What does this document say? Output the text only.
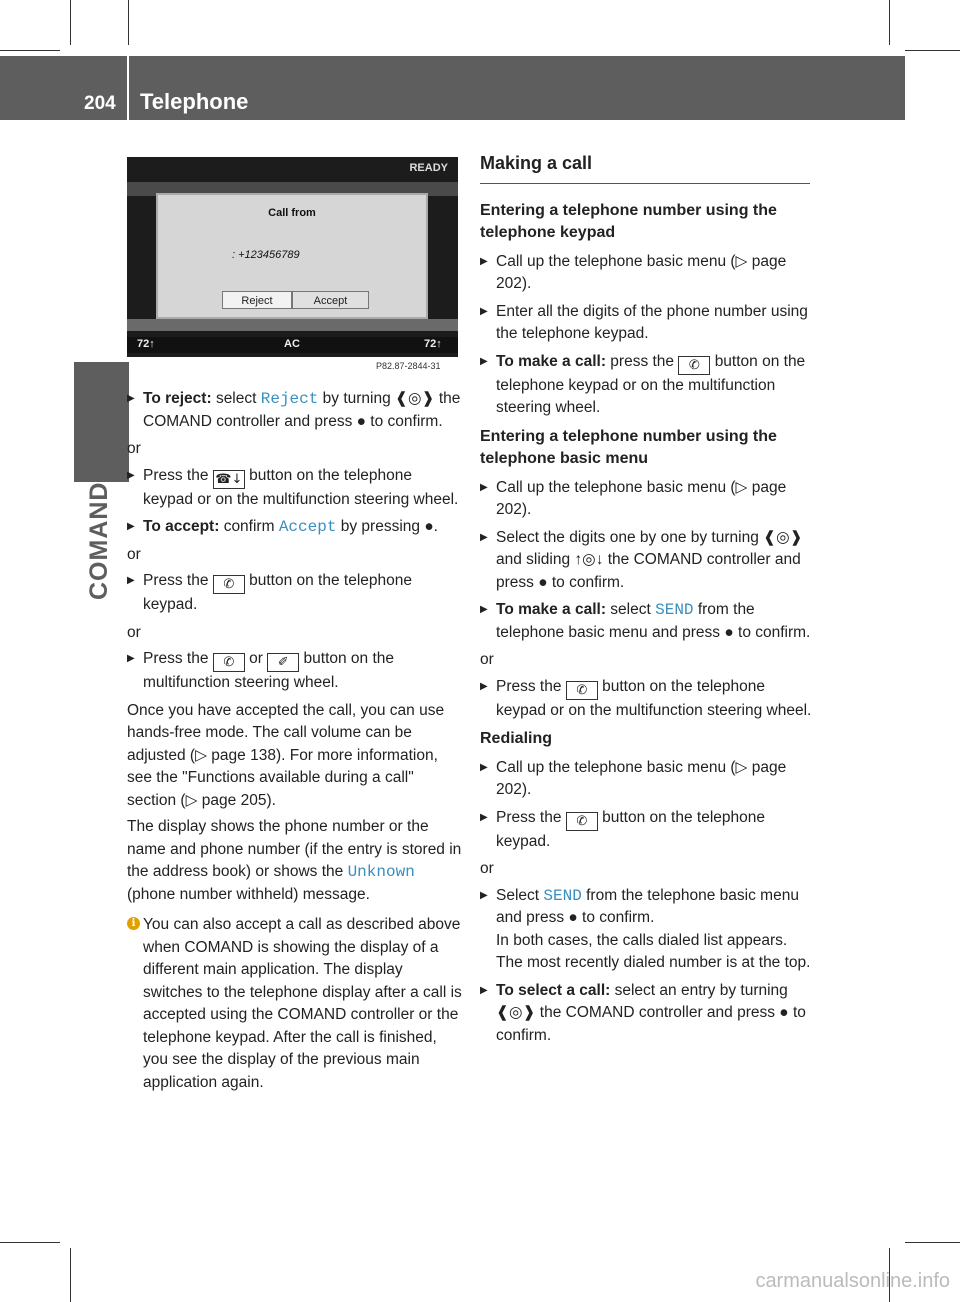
204 Telephone
COMAND
carmanualsonline.info
READY
Call from
: +123456789
Reject	Accept
72↑	AC	72↑
P82.87-2844-31
▶ To reject: select Reject by turning ❰◎❱ the COMAND controller and press ● to confirm.

or

▶ Press the ☎↓ button on the telephone keypad or on the multifunction steering wheel.
▶ To accept: confirm Accept by pressing ●.

or

▶ Press the ✆ button on the telephone keypad.

or

▶ Press the ✆ or ✐ button on the multifunction steering wheel.

Once you have accepted the call, you can use hands-free mode. The call volume can be adjusted (▷ page 138). For more information, see the "Functions available during a call" section (▷ page 205).

The display shows the phone number or the name and phone number (if the entry is stored in the address book) or shows the Unknown (phone number withheld) message.

i You can also accept a call as described above when COMAND is showing the display of a different main application. The display switches to the telephone display after a call is accepted using the COMAND controller or the telephone keypad. After the call is finished, you see the display of the previous main application again.
Making a call
Entering a telephone number using the telephone keypad
▶ Call up the telephone basic menu (▷ page 202).
▶ Enter all the digits of the phone number using the telephone keypad.
▶ To make a call: press the ✆ button on the telephone keypad or on the multifunction steering wheel.
Entering a telephone number using the telephone basic menu
▶ Call up the telephone basic menu (▷ page 202).
▶ Select the digits one by one by turning ❰◎❱ and sliding ↑◎↓ the COMAND controller and press ● to confirm.
▶ To make a call: select SEND from the telephone basic menu and press ● to confirm.

or

▶ Press the ✆ button on the telephone keypad or on the multifunction steering wheel.
Redialing
▶ Call up the telephone basic menu (▷ page 202).
▶ Press the ✆ button on the telephone keypad.

or

▶ Select SEND from the telephone basic menu and press ● to confirm.
In both cases, the calls dialed list appears. The most recently dialed number is at the top.
▶ To select a call: select an entry by turning ❰◎❱ the COMAND controller and press ● to confirm.
